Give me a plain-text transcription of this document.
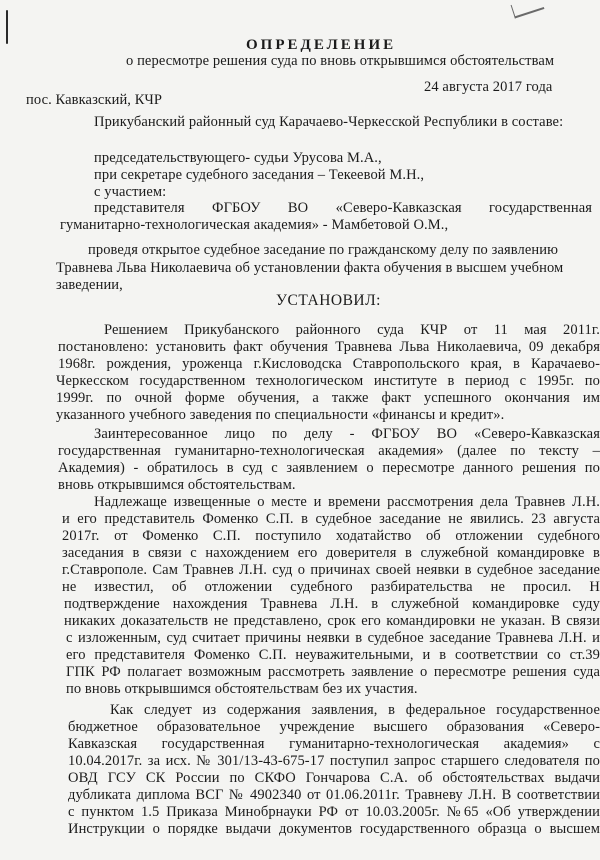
ОПРЕДЕЛЕНИЕ
о пересмотре решения суда по вновь открывшимся обстоятельствам
24 августа 2017 года
пос. Кавказский, КЧР
Прикубанский районный суд Карачаево-Черкесской Республики в составе:
председательствующего- судьи Урусова М.А.,
при секретаре судебного заседания – Текеевой М.Н.,
с участием:
представителя ФГБОУ ВО «Северо-Кавказская государственная
гуманитарно-технологическая академия» - Мамбетовой О.М.,
проведя открытое судебное заседание по гражданскому делу по заявлению
Травнева Льва Николаевича об установлении факта обучения в высшем учебном
заведении,
УСТАНОВИЛ:
Решением Прикубанского районного суда КЧР от 11 мая 2011г.
постановлено: установить факт обучения Травнева Льва Николаевича, 09 декабря
1968г. рождения, уроженца г.Кисловодска Ставропольского края, в Карачаево-
Черкесском государственном технологическом институте в период с 1995г. по
1999г. по очной форме обучения, а также факт успешного окончания им
указанного учебного заведения по специальности «финансы и кредит».
Заинтересованное лицо по делу - ФГБОУ ВО «Северо-Кавказская
государственная гуманитарно-технологическая академия» (далее по тексту –
Академия) - обратилось в суд с заявлением о пересмотре данного решения по
вновь открывшимся обстоятельствам.
Надлежаще извещенные о месте и времени рассмотрения дела Травнев Л.Н.
и его представитель Фоменко С.П. в судебное заседание не явились. 23 августа
2017г. от Фоменко С.П. поступило ходатайство об отложении судебного
заседания в связи с нахождением его доверителя в служебной командировке в
г.Ставрополе. Сам Травнев Л.Н. суд о причинах своей неявки в судебное заседание
не известил, об отложении судебного разбирательства не просил. Н
подтверждение нахождения Травнева Л.Н. в служебной командировке суду
никаких доказательств не представлено, срок его командировки не указан. В связи
с изложенным, суд считает причины неявки в судебное заседание Травнева Л.Н. и
его представителя Фоменко С.П. неуважительными, и в соответствии со ст.39
ГПК РФ полагает возможным рассмотреть заявление о пересмотре решения суда
по вновь открывшимся обстоятельствам без их участия.
Как следует из содержания заявления, в федеральное государственное
бюджетное образовательное учреждение высшего образования «Северо-
Кавказская государственная гуманитарно-технологическая академия» с
10.04.2017г. за исх. № 301/13-43-675-17 поступил запрос старшего следователя по
ОВД ГСУ СК России по СКФО Гончарова С.А. об обстоятельствах выдачи
дубликата диплома ВСГ № 4902340 от 01.06.2011г. Травневу Л.Н. В соответствии
с пунктом 1.5 Приказа Минобрнауки РФ от 10.03.2005г. №65 «Об утверждении
Инструкции о порядке выдачи документов государственного образца о высшем
